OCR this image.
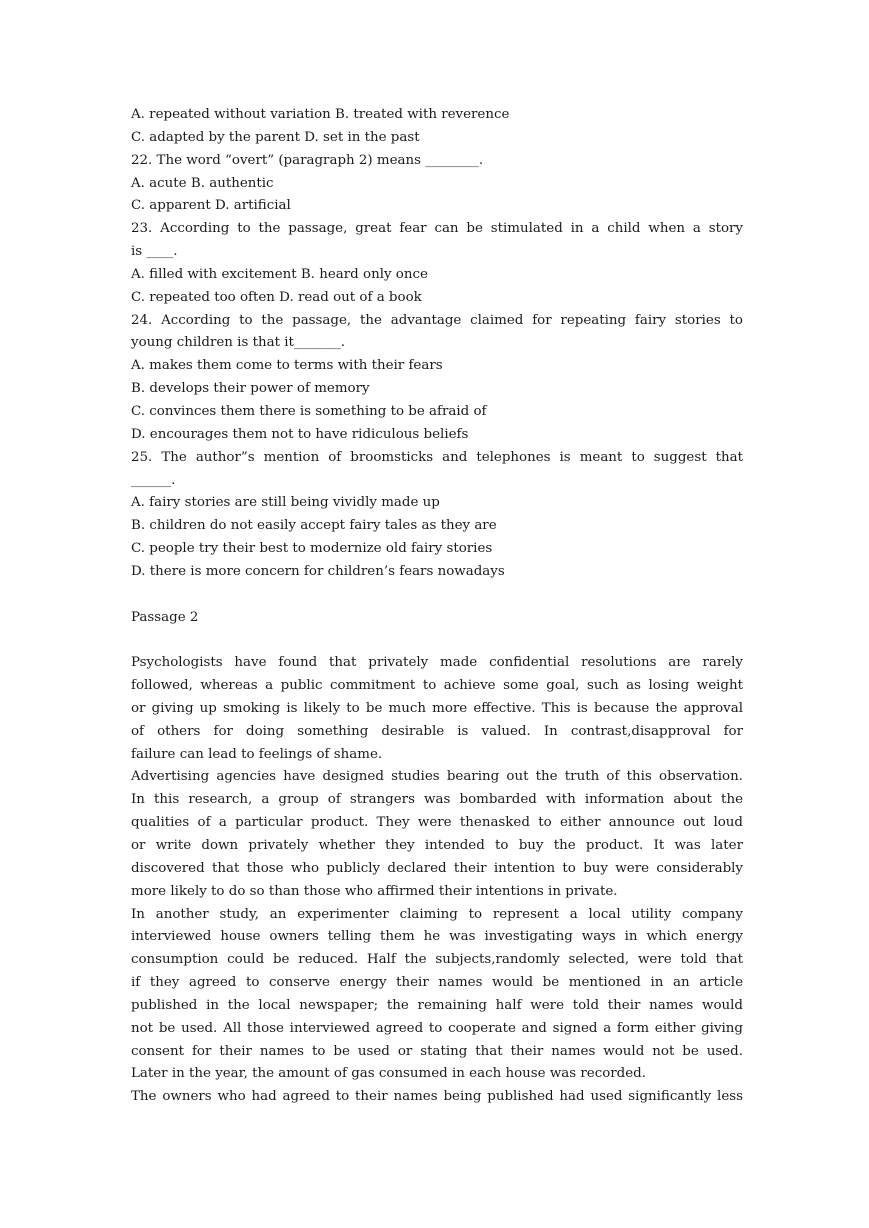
A. repeated without variation B. treated with reverence
C. adapted by the parent D. set in the past
22. The word “overt” (paragraph 2) means ________.
A. acute B. authentic
C. apparent D. artificial
23. According to the passage, great fear can be stimulated in a child when a story
is ____.
A. filled with excitement B. heard only once
C. repeated too often D. read out of a book
24. According to the passage, the advantage claimed for repeating fairy stories to
young children is that it_______.
A. makes them come to terms with their fears
B. develops their power of memory
C. convinces them there is something to be afraid of
D. encourages them not to have ridiculous beliefs
25. The author”s mention of broomsticks and telephones is meant to suggest that
______.
A. fairy stories are still being vividly made up
B. children do not easily accept fairy tales as they are
C. people try their best to modernize old fairy stories
D. there is more concern for children’s fears nowadays
Passage 2
Psychologists have found that privately made confidential resolutions are rarely
followed, whereas a public commitment to achieve some goal, such as losing weight
or giving up smoking is likely to be much more effective. This is because the approval
of others for doing something desirable is valued. In contrast,disapproval for
failure can lead to feelings of shame.
Advertising agencies have designed studies bearing out the truth of this observation.
In this research, a group of strangers was bombarded with information about the
qualities of a particular product. They were thenasked to either announce out loud
or write down privately whether they intended to buy the product. It was later
discovered that those who publicly declared their intention to buy were considerably
more likely to do so than those who affirmed their intentions in private.
In another study, an experimenter claiming to represent a local utility company
interviewed house owners telling them he was investigating ways in which energy
consumption could be reduced. Half the subjects,randomly selected, were told that
if they agreed to conserve energy their names would be mentioned in an article
published in the local newspaper; the remaining half were told their names would
not be used. All those interviewed agreed to cooperate and signed a form either giving
consent for their names to be used or stating that their names would not be used.
Later in the year, the amount of gas consumed in each house was recorded.
The owners who had agreed to their names being published had used significantly less
